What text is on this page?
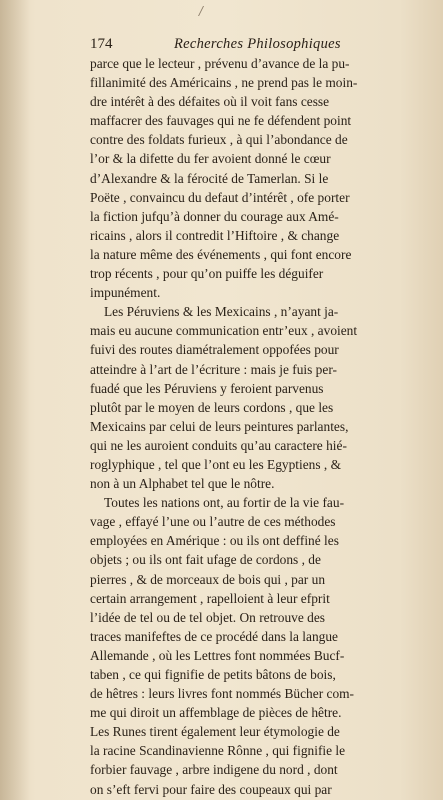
/
174	Recherches Philosophiques
parce que le lecteur , prévenu d’avance de la pu-
fillanimité des Américains , ne prend pas le moin-
dre intérêt à des défaites où il voit fans cesse
maffacrer des fauvages qui ne fe défendent point
contre des foldats furieux , à qui l’abondance de
l’or & la difette du fer avoient donné le cœur
d’Alexandre & la férocité de Tamerlan. Si le
Poëte , convaincu du defaut d’intérêt , ofe porter
la fiction jufqu’à donner du courage aux Amé-
ricains , alors il contredit l’Hiftoire , & change
la nature même des événements , qui font encore
trop récents , pour qu’on puiffe les déguifer
impunément.
Les Péruviens & les Mexicains , n’ayant ja-
mais eu aucune communication entr’eux , avoient
fuivi des routes diamétralement oppofées pour
atteindre à l’art de l’écriture : mais je fuis per-
fuadé que les Péruviens y feroient parvenus
plutôt par le moyen de leurs cordons , que les
Mexicains par celui de leurs peintures parlantes,
qui ne les auroient conduits qu’au caractere hié-
roglyphique , tel que l’ont eu les Egyptiens , &
non à un Alphabet tel que le nôtre.
Toutes les nations ont, au fortir de la vie fau-
vage , effayé l’une ou l’autre de ces méthodes
employées en Amérique : ou ils ont deffiné les
objets ; ou ils ont fait ufage de cordons , de
pierres , & de morceaux de bois qui , par un
certain arrangement , rapelloient à leur efprit
l’idée de tel ou de tel objet. On retrouve des
traces manifeftes de ce procédé dans la langue
Allemande , où les Lettres font nommées Bucf-
taben , ce qui fignifie de petits bâtons de bois,
de hêtres : leurs livres font nommés Bücher com-
me qui diroit un affemblage de pièces de hêtre.
Les Runes tirent également leur étymologie de
la racine Scandinavienne Rônne , qui fignifie le
forbier fauvage , arbre indigene du nord , dont
on s’eft fervi pour faire des coupeaux qui par
